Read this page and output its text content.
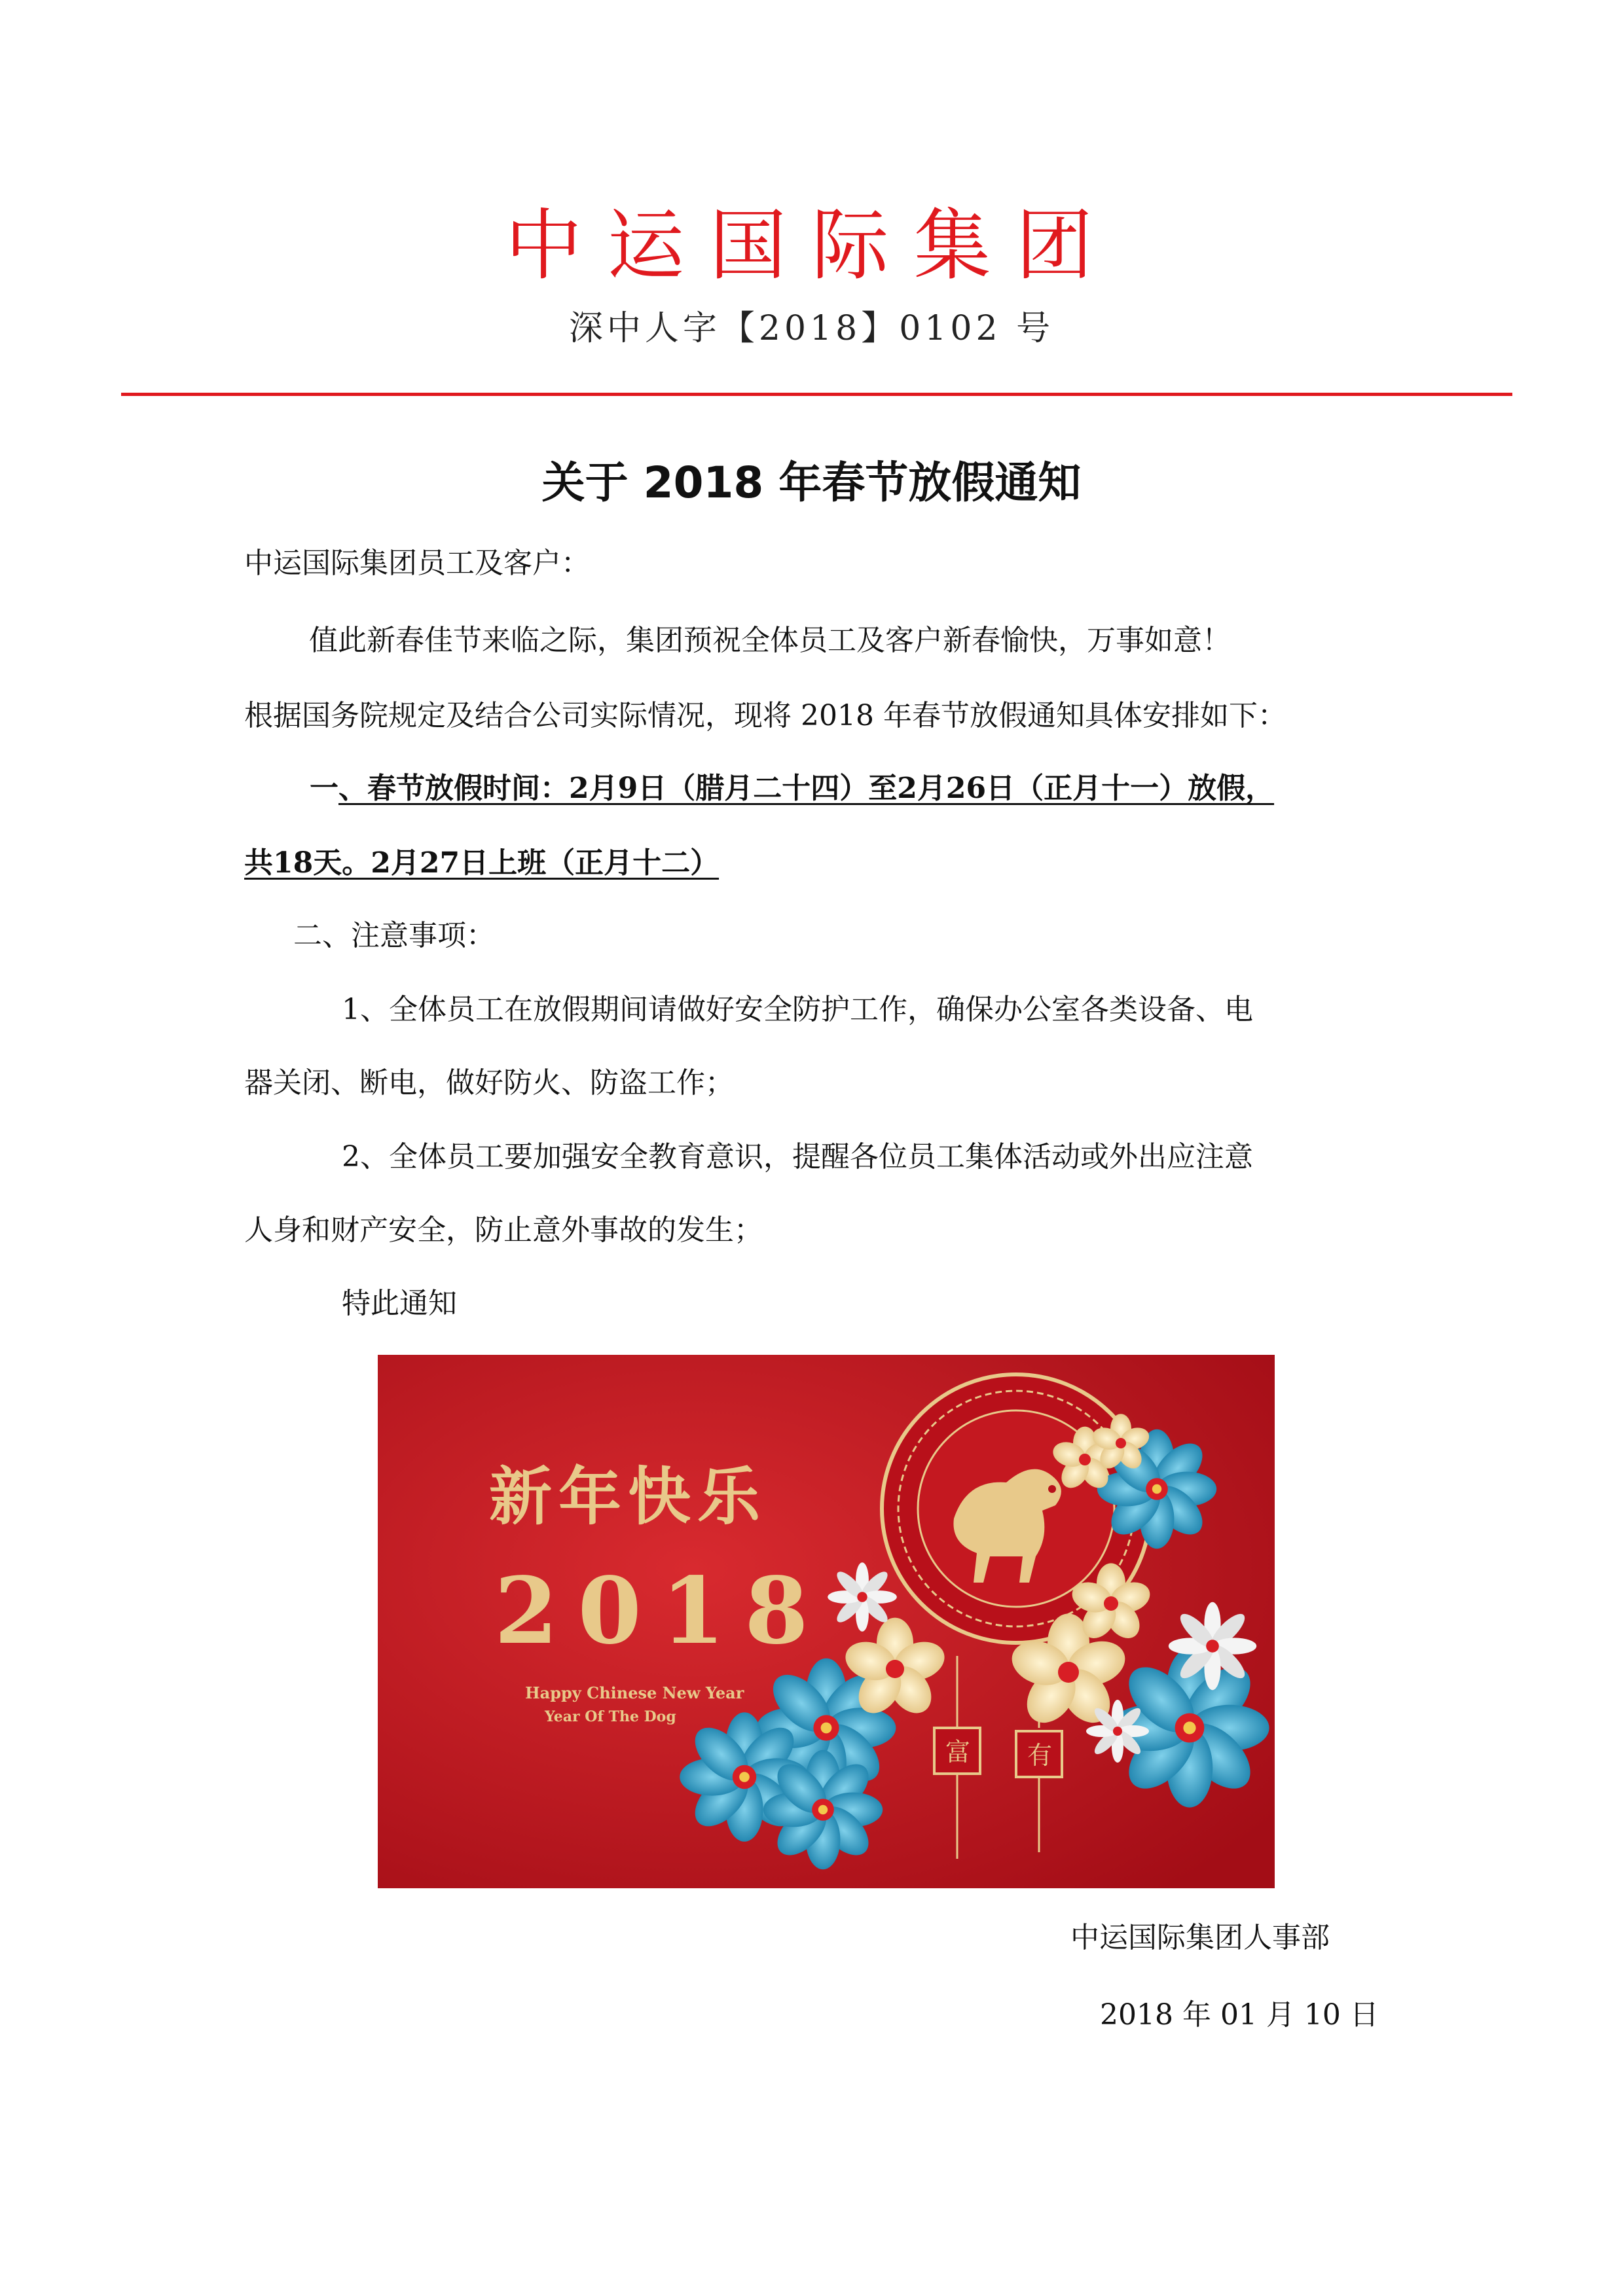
中运国际集团
深中人字【2018】0102 号
关于 2018 年春节放假通知
中运国际集团员工及客户：
值此新春佳节来临之际，集团预祝全体员工及客户新春愉快，万事如意！
根据国务院规定及结合公司实际情况，现将 2018 年春节放假通知具体安排如下：
一、春节放假时间：2月9日（腊月二十四）至2月26日（正月十一）放假，
共18天。2月27日上班（正月十二）
二、注意事项：
1、全体员工在放假期间请做好安全防护工作，确保办公室各类设备、电
器关闭、断电，做好防火、防盗工作；
2、全体员工要加强安全教育意识，提醒各位员工集体活动或外出应注意
人身和财产安全，防止意外事故的发生；
特此通知
新年快乐
2018
Happy Chinese New Year
Year Of The Dog
富 有
中运国际集团人事部
2018 年 01 月 10 日
